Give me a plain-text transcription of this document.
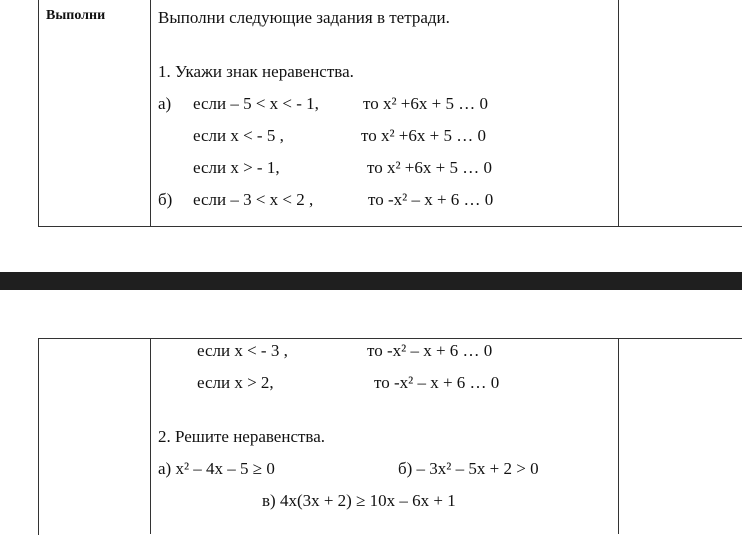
Выполни	Выполни следующие задания в тетради.
1. Укажи знак неравенства.
а) если – 5 < х < - 1,	то х² +6х + 5 … 0
если х < - 5 ,	то х² +6х + 5 … 0
если х > - 1,	то х² +6х + 5 … 0
б) если – 3 < х < 2 ,	то -х² – х + 6 … 0
если х < - 3 ,	то -х² – х + 6 … 0
если х > 2,	то -х² – х + 6 … 0
2. Решите неравенства.
а) х² – 4х – 5 ≥ 0	б) – 3х² – 5х + 2 > 0
в) 4х(3х + 2) ≥ 10х – 6х + 1
